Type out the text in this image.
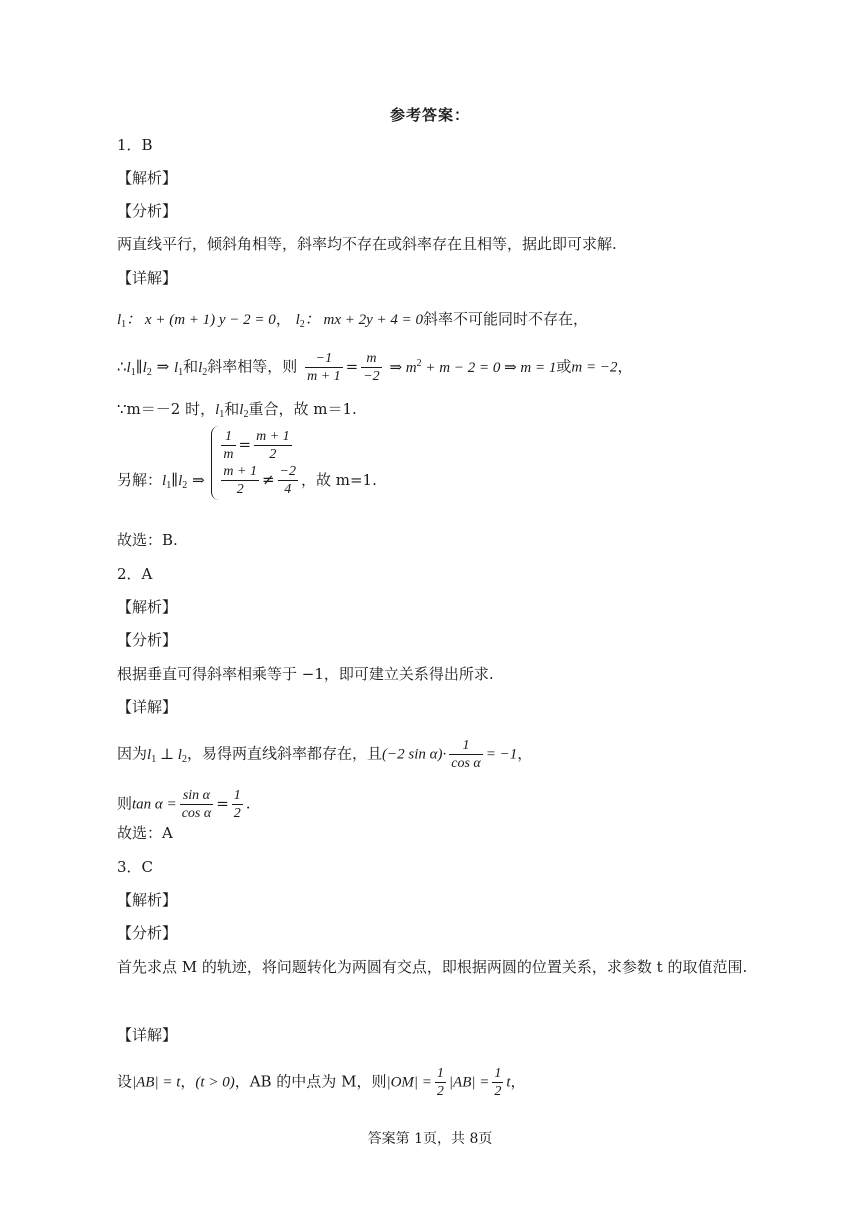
参考答案：
1．B
【解析】
【分析】
两直线平行，倾斜角相等，斜率均不存在或斜率存在且相等，据此即可求解.
【详解】
$l_1$： x + (m + 1) y − 2 = 0， $l_2$： mx + 2y + 4 = 0斜率不可能同时不存在，
$\therefore l_1\parallel l_2$ ⇒ $l_1$和$l_2$斜率相等，则 $\frac{-1}{m + 1} = \frac{m}{-2}$ ⇒ $m^2 + m - 2 = 0$ ⇒ m = 1或m = −2，
∵m＝－2 时，$l_1$和$l_2$重合，故 m＝1.
另解：$l_1\parallel l_2$ ⇒
$\frac{1}{m} = \frac{m + 1}{2}$
$\frac{m + 1}{2} \ne \frac{-2}{4}$ ，故 m=1.
故选：B.
2．A
【解析】
【分析】
根据垂直可得斜率相乘等于 −1，即可建立关系得出所求.
【详解】
因为$l_1$ ⊥ $l_2$，易得两直线斜率都存在，且(−2 $\sin \alpha)\cdot \frac{1}{\text{cos α}} = -1$，
则$\tan \alpha = \frac{\text{sin α}}{\text{cos α}} = \frac{1}{2}$ .
故选：A
3．C
【解析】
【分析】
首先求点 M 的轨迹，将问题转化为两圆有交点，即根据两圆的位置关系，求参数 t 的取值范围.
【详解】
设|AB| = t，(t > 0)，AB 的中点为 M，则$|OM| = \frac{1}{2} |AB| = \frac{1}{2}$ t，
答案第 1页，共 8页
